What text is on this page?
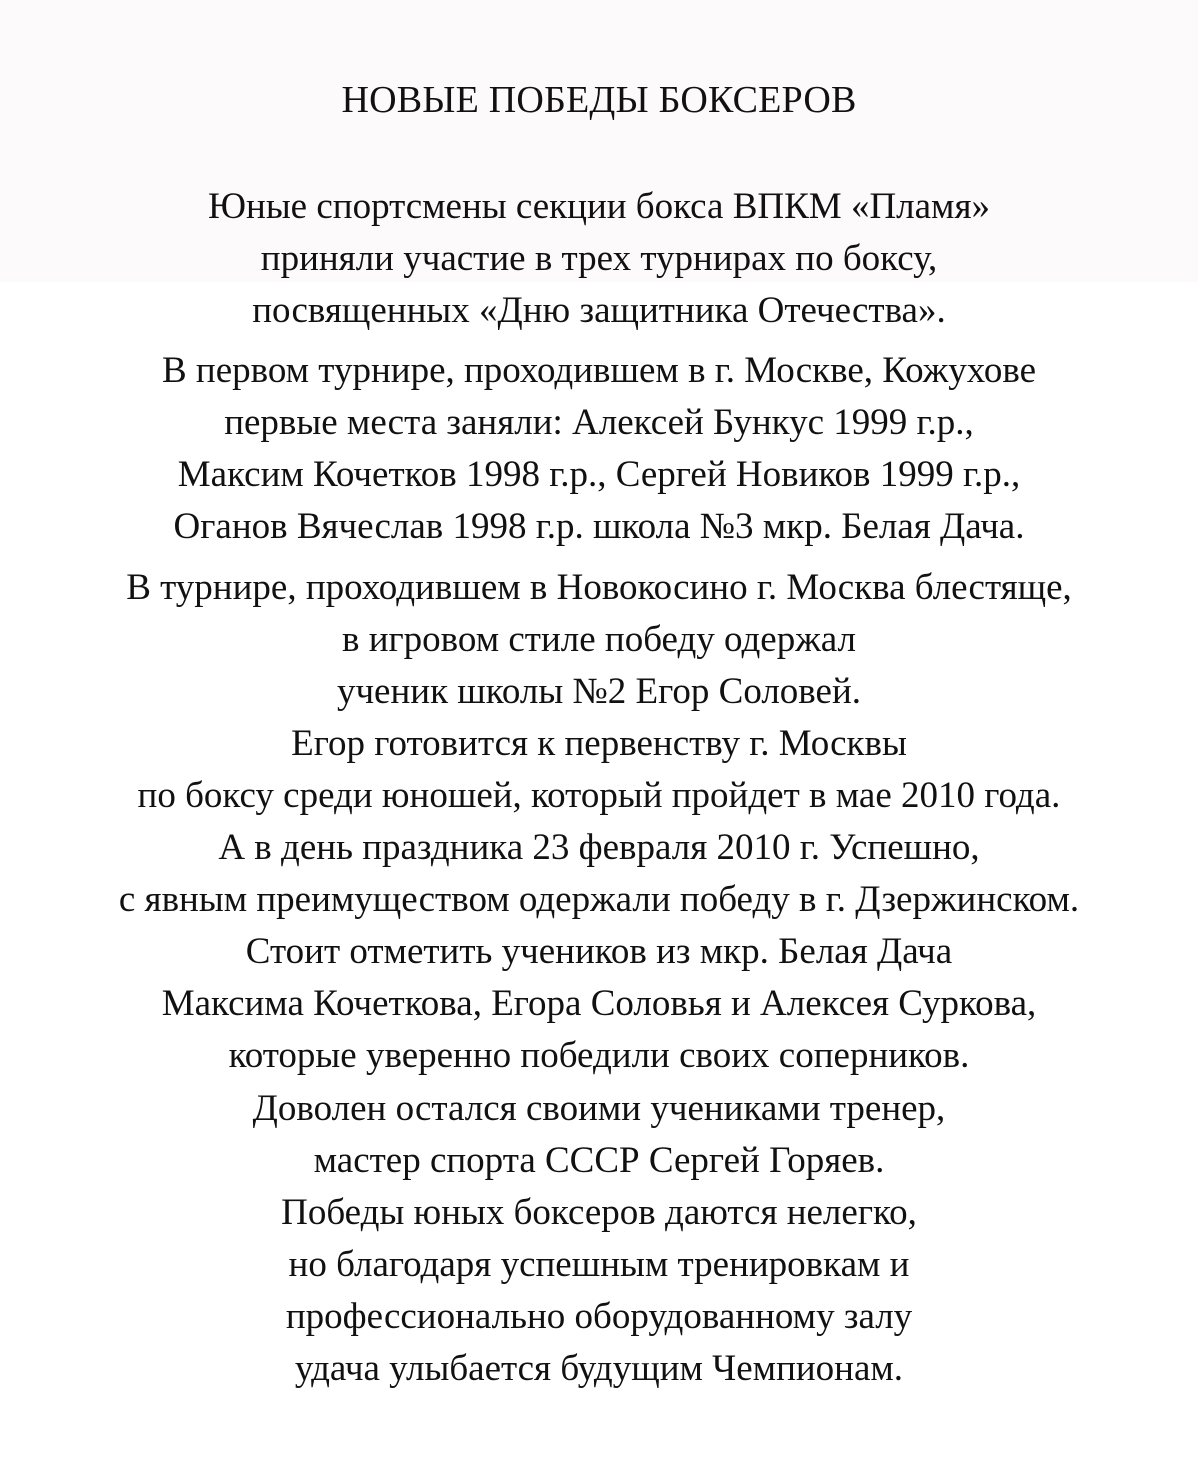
НОВЫЕ ПОБЕДЫ БОКСЕРОВ

Юные спортсмены секции бокса ВПКМ «Пламя»
приняли участие в трех турнирах по боксу,
посвященных «Дню защитника Отечества».

В первом турнире, проходившем в г. Москве, Кожухове
первые места заняли: Алексей Бункус 1999 г.р.,
Максим Кочетков 1998 г.р., Сергей Новиков 1999 г.р.,
Оганов Вячеслав 1998 г.р. школа №3 мкр. Белая Дача.

В турнире, проходившем в Новокосино г. Москва блестяще,
в игровом стиле победу одержал
ученик школы №2 Егор Соловей.
Егор готовится к первенству г. Москвы
по боксу среди юношей, который пройдет в мае 2010 года.

А в день праздника 23 февраля 2010 г. Успешно,
с явным преимуществом одержали победу в г. Дзержинском.
Стоит отметить учеников из мкр. Белая Дача
Максима Кочеткова, Егора Соловья и Алексея Суркова,
которые уверенно победили своих соперников.

Доволен остался своими учениками тренер,
мастер спорта СССР Сергей Горяев.
Победы юных боксеров даются нелегко,
но благодаря успешным тренировкам и
профессионально оборудованному залу
удача улыбается будущим Чемпионам.
